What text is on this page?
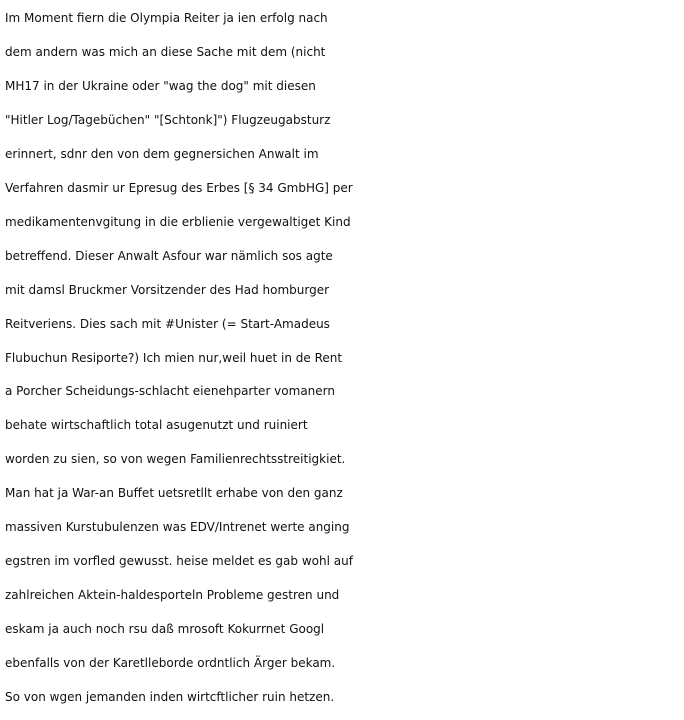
Im Moment fiern die Olympia Reiter ja ien erfolg nach
dem andern was mich an diese Sache mit dem (nicht
MH17 in der Ukraine oder "wag the dog" mit diesen
"Hitler Log/Tagebüchen" "[Schtonk]") Flugzeugabsturz
erinnert, sdnr den von dem gegnersichen Anwalt im
Verfahren dasmir ur Epresug des Erbes [§ 34 GmbHG] per
medikamentenvgitung in die erblienie vergewaltiget Kind
betreffend. Dieser Anwalt Asfour war nämlich sos agte
mit damsl Bruckmer Vorsitzender des Had homburger
Reitveriens. Dies sach mit #Unister (= Start-Amadeus
Flubuchun Resiporte?) Ich mien nur,weil huet in de Rent
a Porcher Scheidungs-schlacht eienehparter vomanern
behate wirtschaftlich total asugenutzt und ruiniert
worden zu sien, so von wegen Familienrechtsstreitigkiet.
Man hat ja War-an Buffet uetsretllt erhabe von den ganz
massiven Kurstubulenzen was EDV/Intrenet werte anging
egstren im vorfled gewusst. heise meldet es gab wohl auf
zahlreichen Aktein-haldesporteln Probleme gestren und
eskam ja auch noch rsu daß mrosoft Kokurrnet Googl
ebenfalls von der Karetlleborde ordntlich Ärger bekam.
So von wgen jemanden inden wirtcftlicher ruin hetzen.
